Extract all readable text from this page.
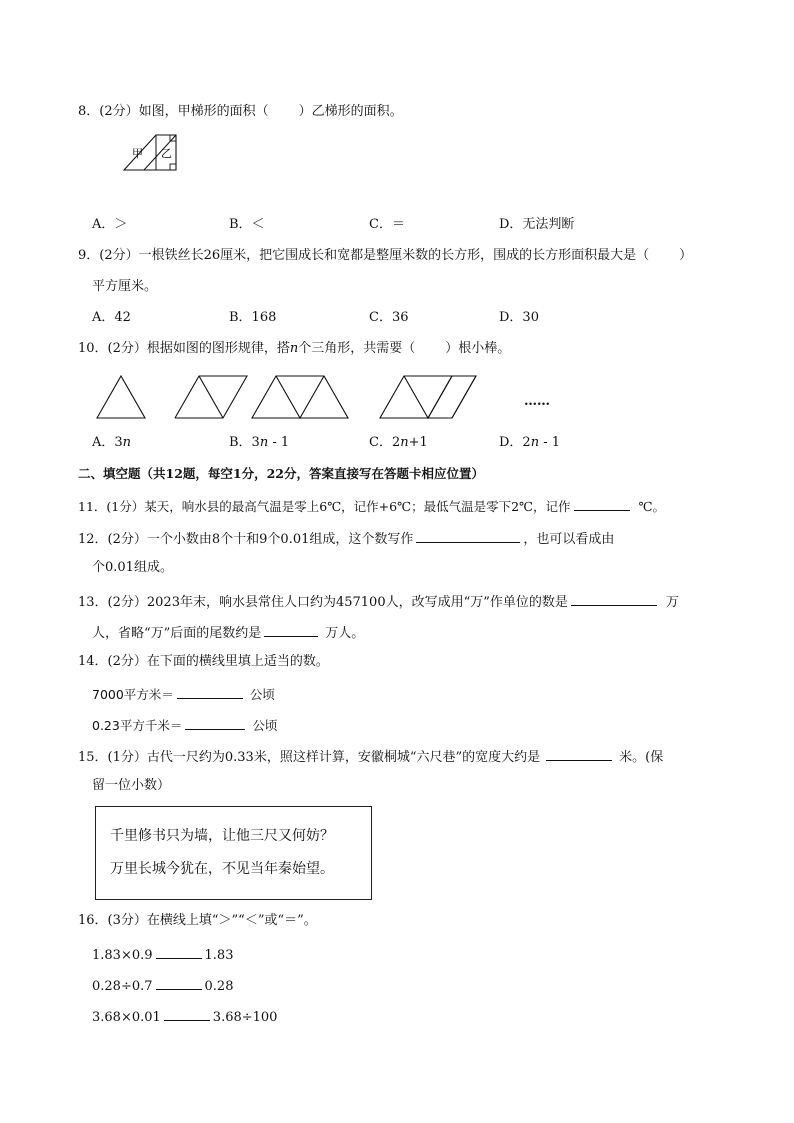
8．(2分）如图，甲梯形的面积（ ）乙梯形的面积。
甲 乙
A．＞	B．＜	C．＝	D．无法判断
9．(2分）一根铁丝长26厘米，把它围成长和宽都是整厘米数的长方形，围成的长方形面积最大是（ ）
平方厘米。
A．42	B．168	C．36	D．30
10．(2分）根据如图的图形规律，搭n个三角形，共需要（ ）根小棒。
……
A．3n	B．3n - 1	C．2n+1	D．2n - 1
二、填空题（共12题，每空1分，22分，答案直接写在答题卡相应位置）
11．(1分）某天，响水县的最高气温是零上6℃，记作+6℃；最低气温是零下2℃，记作	℃。
12．(2分）一个小数由8个十和9个0.01组成，这个数写作	，也可以看成由
个0.01组成。
13．(2分）2023年末，响水县常住人口约为457100人，改写成用“万”作单位的数是	万
人，省略“万”后面的尾数约是	万人。
14．(2分）在下面的横线里填上适当的数。
7000平方米＝	公顷
0.23平方千米＝	公顷
15．(1分）古代一尺约为0.33米，照这样计算，安徽桐城“六尺巷”的宽度大约是	米。(保
留一位小数）
千里修书只为墙，让他三尺又何妨？
万里长城今犹在，不见当年秦始望。
16．(3分）在横线上填“＞”“＜”或“＝”。
1.83×0.9	1.83
0.28÷0.7	0.28
3.68×0.01	3.68÷100
